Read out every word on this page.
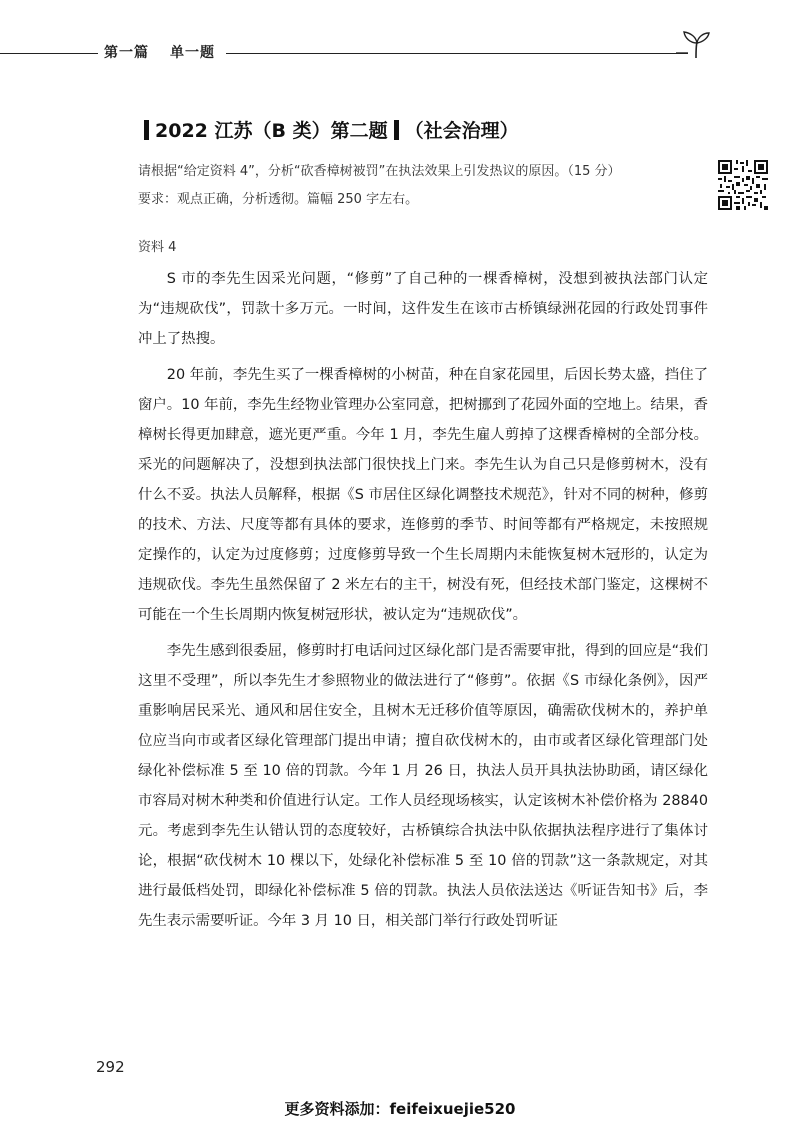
第一篇 单一题
2022 江苏（B 类）第二题 （社会治理）

请根据“给定资料 4”，分析“砍香樟树被罚”在执法效果上引发热议的原因。（15 分）

要求：观点正确，分析透彻。篇幅 250 字左右。

资料 4

S 市的李先生因采光问题，“修剪”了自己种的一棵香樟树，没想到被执法部门认定为“违规砍伐”，罚款十多万元。一时间，这件发生在该市古桥镇绿洲花园的行政处罚事件冲上了热搜。

20 年前，李先生买了一棵香樟树的小树苗，种在自家花园里，后因长势太盛，挡住了窗户。10 年前，李先生经物业管理办公室同意，把树挪到了花园外面的空地上。结果，香樟树长得更加肆意，遮光更严重。今年 1 月，李先生雇人剪掉了这棵香樟树的全部分枝。采光的问题解决了，没想到执法部门很快找上门来。李先生认为自己只是修剪树木，没有什么不妥。执法人员解释，根据《S 市居住区绿化调整技术规范》，针对不同的树种，修剪的技术、方法、尺度等都有具体的要求，连修剪的季节、时间等都有严格规定，未按照规定操作的，认定为过度修剪；过度修剪导致一个生长周期内未能恢复树木冠形的，认定为违规砍伐。李先生虽然保留了 2 米左右的主干，树没有死，但经技术部门鉴定，这棵树不可能在一个生长周期内恢复树冠形状，被认定为“违规砍伐”。

李先生感到很委屈，修剪时打电话问过区绿化部门是否需要审批，得到的回应是“我们这里不受理”，所以李先生才参照物业的做法进行了“修剪”。依据《S 市绿化条例》，因严重影响居民采光、通风和居住安全，且树木无迁移价值等原因，确需砍伐树木的，养护单位应当向市或者区绿化管理部门提出申请；擅自砍伐树木的，由市或者区绿化管理部门处绿化补偿标准 5 至 10 倍的罚款。今年 1 月 26 日，执法人员开具执法协助函，请区绿化市容局对树木种类和价值进行认定。工作人员经现场核实，认定该树木补偿价格为 28840 元。考虑到李先生认错认罚的态度较好，古桥镇综合执法中队依据执法程序进行了集体讨论，根据“砍伐树木 10 棵以下，处绿化补偿标准 5 至 10 倍的罚款”这一条款规定，对其进行最低档处罚，即绿化补偿标准 5 倍的罚款。执法人员依法送达《听证告知书》后，李先生表示需要听证。今年 3 月 10 日，相关部门举行行政处罚听证

292
更多资料添加：feifeixuejie520
